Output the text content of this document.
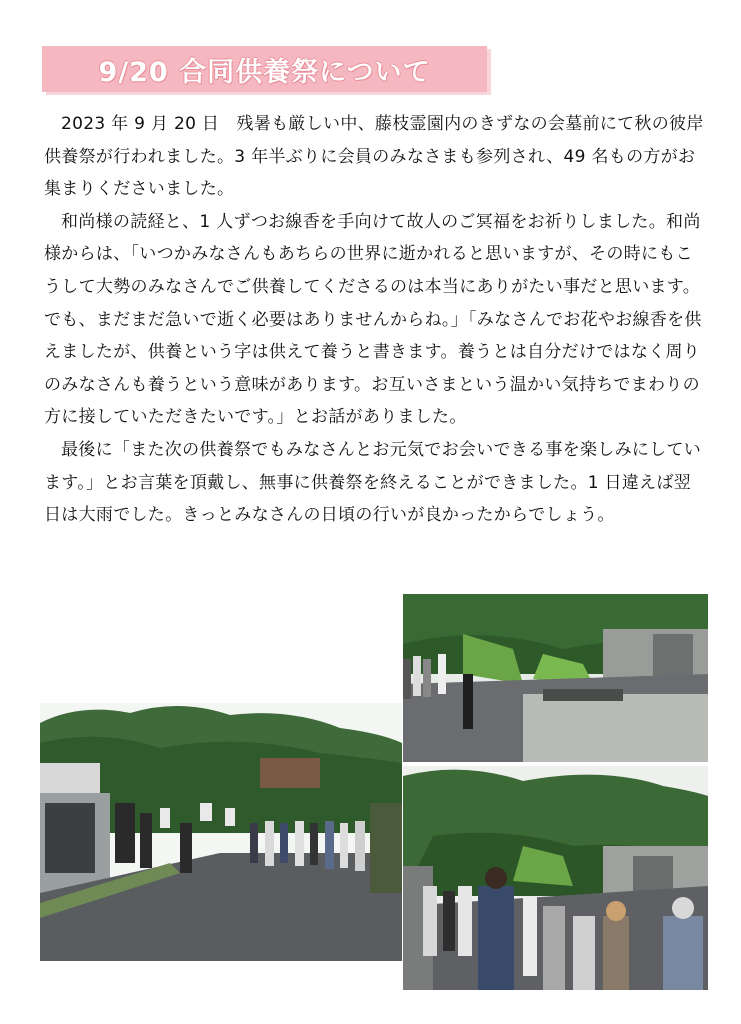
9/20 合同供養祭について

2023 年 9 月 20 日　残暑も厳しい中、藤枝霊園内のきずなの会墓前にて秋の彼岸供養祭が行われました。3 年半ぶりに会員のみなさまも参列され、49 名もの方がお集まりくださいました。

和尚様の読経と、1 人ずつお線香を手向けて故人のご冥福をお祈りしました。和尚様からは、「いつかみなさんもあちらの世界に逝かれると思いますが、その時にもこうして大勢のみなさんでご供養してくださるのは本当にありがたい事だと思います。でも、まだまだ急いで逝く必要はありませんからね。」「みなさんでお花やお線香を供えましたが、供養という字は供えて養うと書きます。養うとは自分だけではなく周りのみなさんも養うという意味があります。お互いさまという温かい気持ちでまわりの方に接していただきたいです。」とお話がありました。

最後に「また次の供養祭でもみなさんとお元気でお会いできる事を楽しみにしています。」とお言葉を頂戴し、無事に供養祭を終えることができました。1 日違えば翌日は大雨でした。きっとみなさんの日頃の行いが良かったからでしょう。
